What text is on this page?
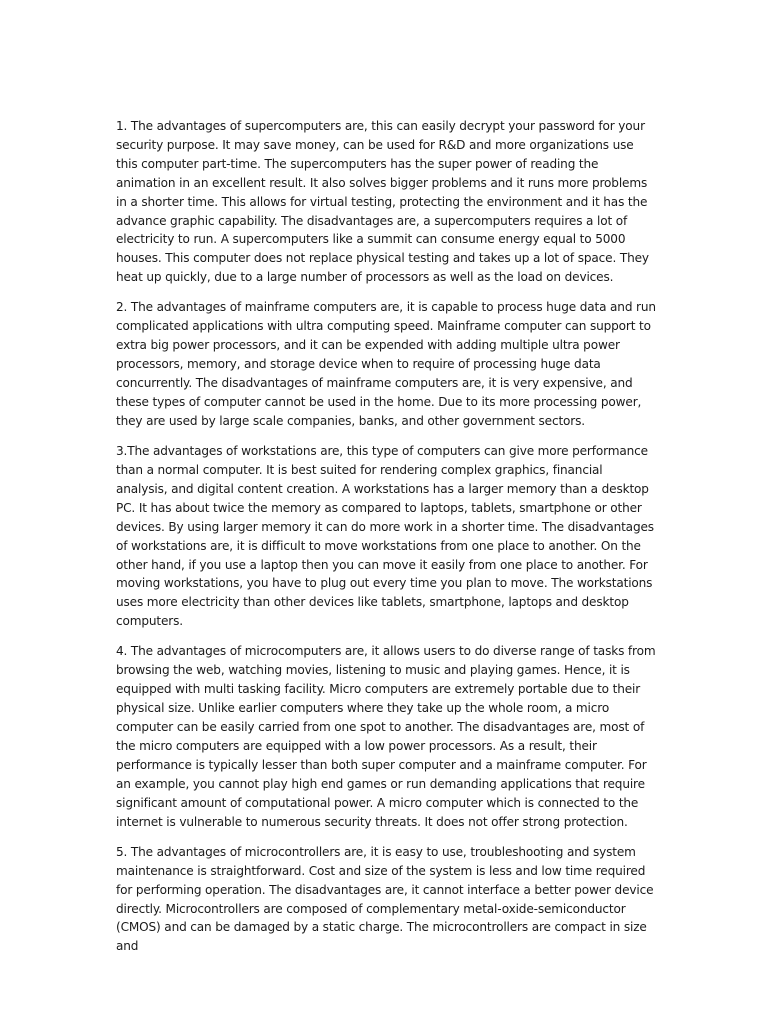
1. The advantages of supercomputers are, this can easily decrypt your password for your security purpose. It may save money, can be used for R&D and more organizations use this computer part-time. The supercomputers has the super power of reading the animation in an excellent result. It also solves bigger problems and it runs more problems in a shorter time. This allows for virtual testing, protecting the environment and it has the advance graphic capability. The disadvantages are, a supercomputers requires a lot of electricity to run. A supercomputers like a summit can consume energy equal to 5000 houses. This computer does not replace physical testing and takes up a lot of space. They heat up quickly, due to a large number of processors as well as the load on devices.

2. The advantages of mainframe computers are, it is capable to process huge data and run complicated applications with ultra computing speed. Mainframe computer can support to extra big power processors, and it can be expended with adding multiple ultra power processors, memory, and storage device when to require of processing huge data concurrently. The disadvantages of mainframe computers are, it is very expensive, and these types of computer cannot be used in the home. Due to its more processing power, they are used by large scale companies, banks, and other government sectors.

3.The advantages of workstations are, this type of computers can give more performance than a normal computer. It is best suited for rendering complex graphics, financial analysis, and digital content creation. A workstations has a larger memory than a desktop PC. It has about twice the memory as compared to laptops, tablets, smartphone or other devices. By using larger memory it can do more work in a shorter time. The disadvantages of workstations are, it is difficult to move workstations from one place to another. On the other hand, if you use a laptop then you can move it easily from one place to another. For moving workstations, you have to plug out every time you plan to move. The workstations uses more electricity than other devices like tablets, smartphone, laptops and desktop computers.

4. The advantages of microcomputers are, it allows users to do diverse range of tasks from browsing the web, watching movies, listening to music and playing games. Hence, it is equipped with multi tasking facility. Micro computers are extremely portable due to their physical size. Unlike earlier computers where they take up the whole room, a micro computer can be easily carried from one spot to another. The disadvantages are, most of the micro computers are equipped with a low power processors. As a result, their performance is typically lesser than both super computer and a mainframe computer. For an example, you cannot play high end games or run demanding applications that require significant amount of computational power. A micro computer which is connected to the internet is vulnerable to numerous security threats. It does not offer strong protection.

5. The advantages of microcontrollers are, it is easy to use, troubleshooting and system maintenance is straightforward. Cost and size of the system is less and low time required for performing operation. The disadvantages are, it cannot interface a better power device directly. Microcontrollers are composed of complementary metal-oxide-semiconductor (CMOS) and can be damaged by a static charge. The microcontrollers are compact in size and
